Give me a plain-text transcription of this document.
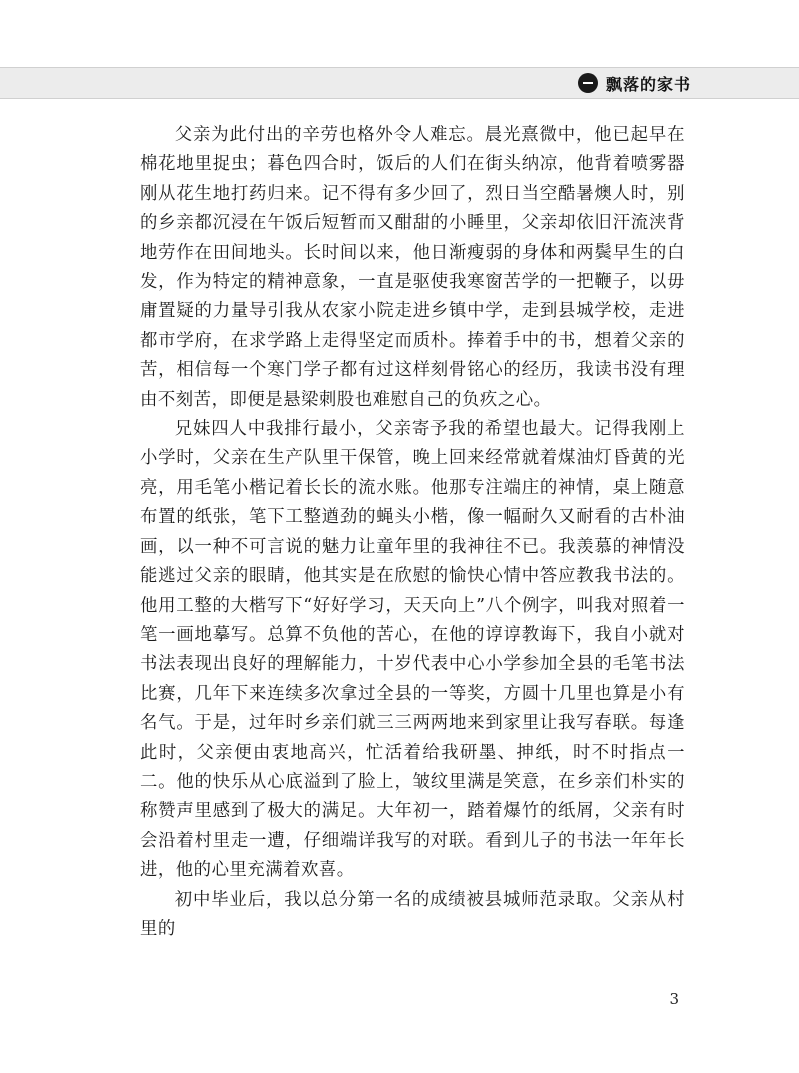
飘落的家书

父亲为此付出的辛劳也格外令人难忘。晨光熹微中，他已起早在棉花地里捉虫；暮色四合时，饭后的人们在街头纳凉，他背着喷雾器刚从花生地打药归来。记不得有多少回了，烈日当空酷暑燠人时，别的乡亲都沉浸在午饭后短暂而又酣甜的小睡里，父亲却依旧汗流浃背地劳作在田间地头。长时间以来，他日渐瘦弱的身体和两鬓早生的白发，作为特定的精神意象，一直是驱使我寒窗苦学的一把鞭子，以毋庸置疑的力量导引我从农家小院走进乡镇中学，走到县城学校，走进都市学府，在求学路上走得坚定而质朴。捧着手中的书，想着父亲的苦，相信每一个寒门学子都有过这样刻骨铭心的经历，我读书没有理由不刻苦，即便是悬梁刺股也难慰自己的负疚之心。

兄妹四人中我排行最小，父亲寄予我的希望也最大。记得我刚上小学时，父亲在生产队里干保管，晚上回来经常就着煤油灯昏黄的光亮，用毛笔小楷记着长长的流水账。他那专注端庄的神情，桌上随意布置的纸张，笔下工整遒劲的蝇头小楷，像一幅耐久又耐看的古朴油画，以一种不可言说的魅力让童年里的我神往不已。我羡慕的神情没能逃过父亲的眼睛，他其实是在欣慰的愉快心情中答应教我书法的。他用工整的大楷写下“好好学习，天天向上”八个例字，叫我对照着一笔一画地摹写。总算不负他的苦心，在他的谆谆教诲下，我自小就对书法表现出良好的理解能力，十岁代表中心小学参加全县的毛笔书法比赛，几年下来连续多次拿过全县的一等奖，方圆十几里也算是小有名气。于是，过年时乡亲们就三三两两地来到家里让我写春联。每逢此时，父亲便由衷地高兴，忙活着给我研墨、抻纸，时不时指点一二。他的快乐从心底溢到了脸上，皱纹里满是笑意，在乡亲们朴实的称赞声里感到了极大的满足。大年初一，踏着爆竹的纸屑，父亲有时会沿着村里走一遭，仔细端详我写的对联。看到儿子的书法一年年长进，他的心里充满着欢喜。

初中毕业后，我以总分第一名的成绩被县城师范录取。父亲从村里的

3
